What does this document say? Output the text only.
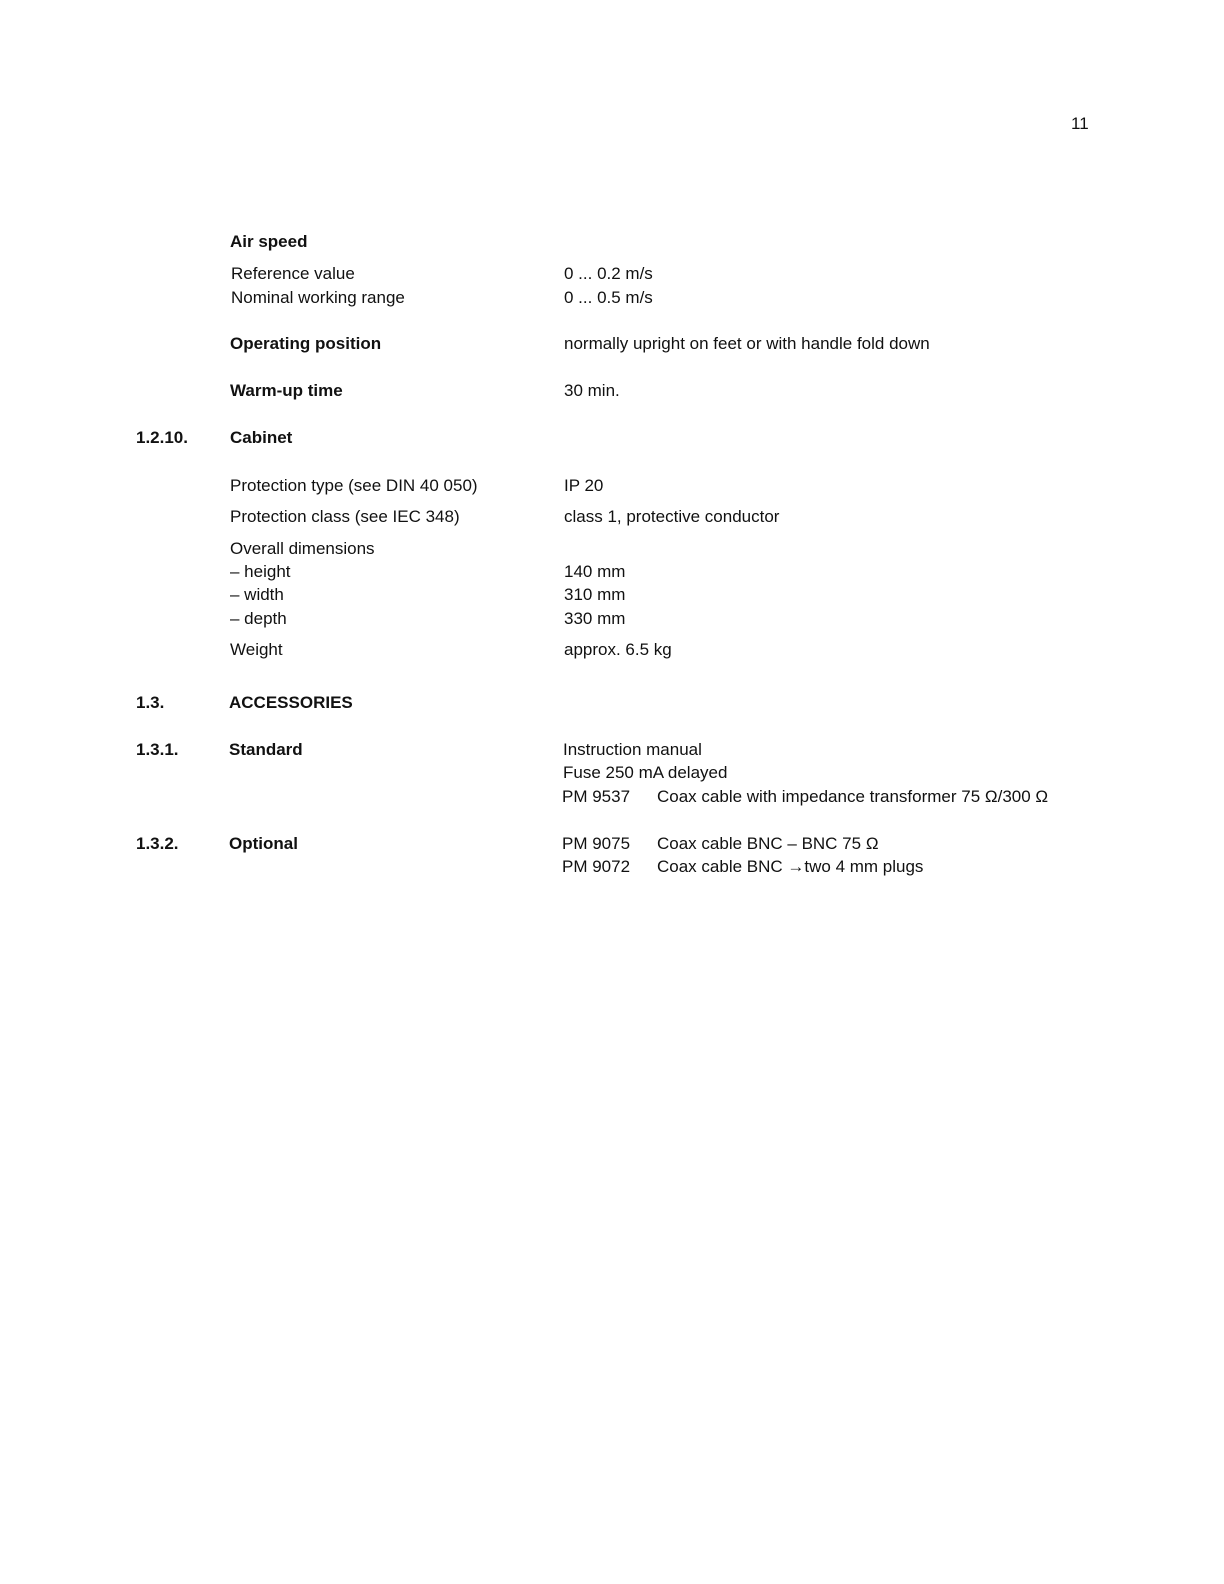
11
Air speed
Reference value	0 ... 0.2 m/s
Nominal working range	0 ... 0.5 m/s
Operating position	normally upright on feet or with handle fold down
Warm-up time	30 min.
1.2.10. Cabinet
Protection type (see DIN 40 050)	IP 20
Protection class (see IEC 348)	class 1, protective conductor
Overall dimensions
– height	140 mm
– width	310 mm
– depth	330 mm
Weight	approx. 6.5 kg
1.3.	ACCESSORIES
1.3.1.	Standard	Instruction manual
Fuse 250 mA delayed
PM 9537 Coax cable with impedance transformer 75 Ω/300 Ω
1.3.2.	Optional	PM 9075 Coax cable BNC – BNC 75 Ω
PM 9072 Coax cable BNC →two 4 mm plugs
